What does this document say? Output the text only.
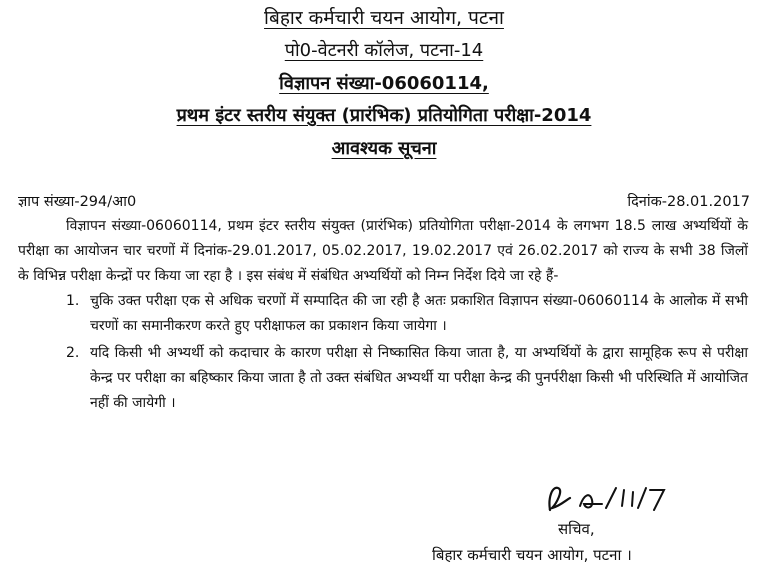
बिहार कर्मचारी चयन आयोग, पटना
पो0-वेटनरी कॉलेज, पटना-14
विज्ञापन संख्या-06060114,
प्रथम इंटर स्तरीय संयुक्त (प्रारंभिक) प्रतियोगिता परीक्षा-2014
आवश्यक सूचना
ज्ञाप संख्या-294/आ0	दिनांक-28.01.2017

विज्ञापन संख्या-06060114, प्रथम इंटर स्तरीय संयुक्त (प्रारंभिक) प्रतियोगिता परीक्षा-2014 के लगभग 18.5 लाख अभ्यर्थियों के परीक्षा का आयोजन चार चरणों में दिनांक-29.01.2017, 05.02.2017, 19.02.2017 एवं 26.02.2017 को राज्य के सभी 38 जिलों के विभिन्न परीक्षा केन्द्रों पर किया जा रहा है । इस संबंध में संबंधित अभ्यर्थियों को निम्न निर्देश दिये जा रहे हैं-

1. चुकि उक्त परीक्षा एक से अधिक चरणों में सम्पादित की जा रही है अतः प्रकाशित विज्ञापन संख्या-06060114 के आलोक में सभी चरणों का समानीकरण करते हुए परीक्षाफल का प्रकाशन किया जायेगा ।
2. यदि किसी भी अभ्यर्थी को कदाचार के कारण परीक्षा से निष्कासित किया जाता है, या अभ्यर्थियों के द्वारा सामूहिक रूप से परीक्षा केन्द्र पर परीक्षा का बहिष्कार किया जाता है तो उक्त संबंधित अभ्यर्थी या परीक्षा केन्द्र की पुनर्परीक्षा किसी भी परिस्थिति में आयोजित नहीं की जायेगी ।
सचिव,
बिहार कर्मचारी चयन आयोग, पटना ।
